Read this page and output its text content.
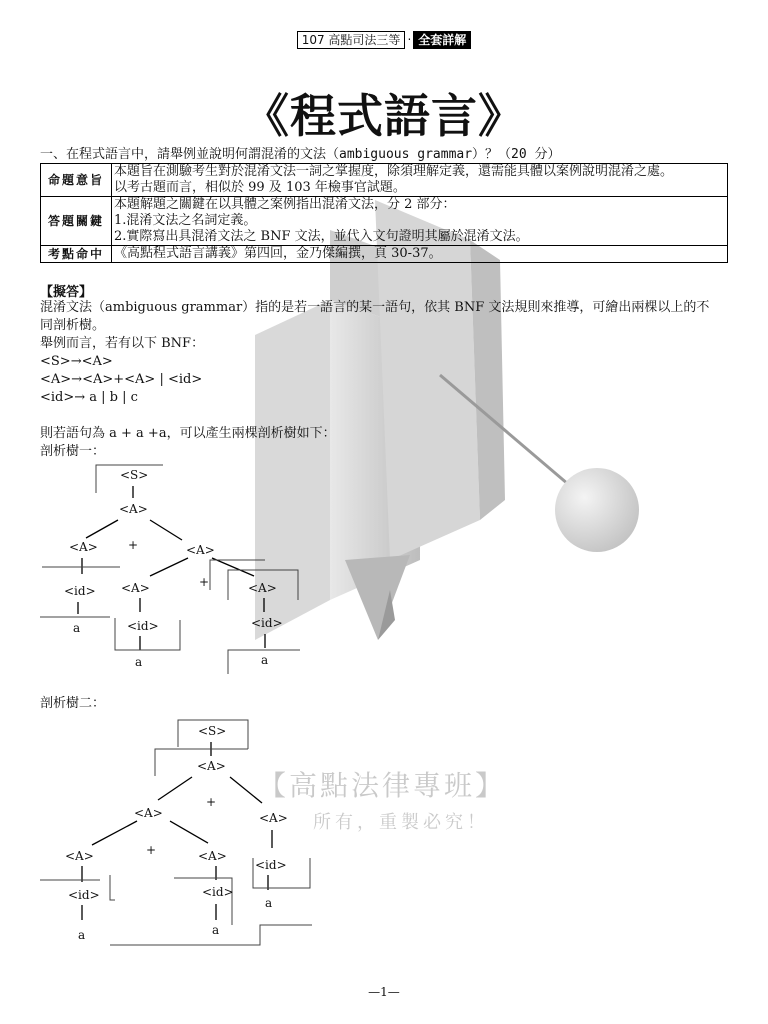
107 高點司法三等 ‧ 全套詳解
《程式語言》
一、在程式語言中，請舉例並說明何謂混淆的文法（ambiguous grammar）？（20 分）
命題意旨	本題旨在測驗考生對於混淆文法一詞之掌握度，除須理解定義，還需能具體以案例說明混淆之處。
以考古題而言，相似於 99 及 103 年檢事官試題。

答題關鍵	本題解題之關鍵在以具體之案例指出混淆文法，分 2 部分：
1.混淆文法之名詞定義。
2.實際寫出具混淆文法之 BNF 文法，並代入文句證明其屬於混淆文法。

考點命中	《高點程式語言講義》第四回，金乃傑編撰，頁 30-37。
【擬答】
混淆文法（ambiguous grammar）指的是若一語言的某一語句，依其 BNF 文法規則來推導，可繪出兩棵以上的不
同剖析樹。
舉例而言，若有以下 BNF：
<S>→<A>
<A>→<A>+<A> | <id>
<id>→ a | b | c
則若語句為 a + a +a，可以產生兩棵剖析樹如下：
剖析樹一：
剖析樹二：
<S>
<A>
<A>	+	<A>
<id> <A>	+	<A>
a	<id>	<id>
a	a
<S>
<A>
<A>
+
<A>
<A>	+	<A>
<id>
<id>	<id>
a
a	a
【高點法律專班】
所有，重製必究！
—1—
